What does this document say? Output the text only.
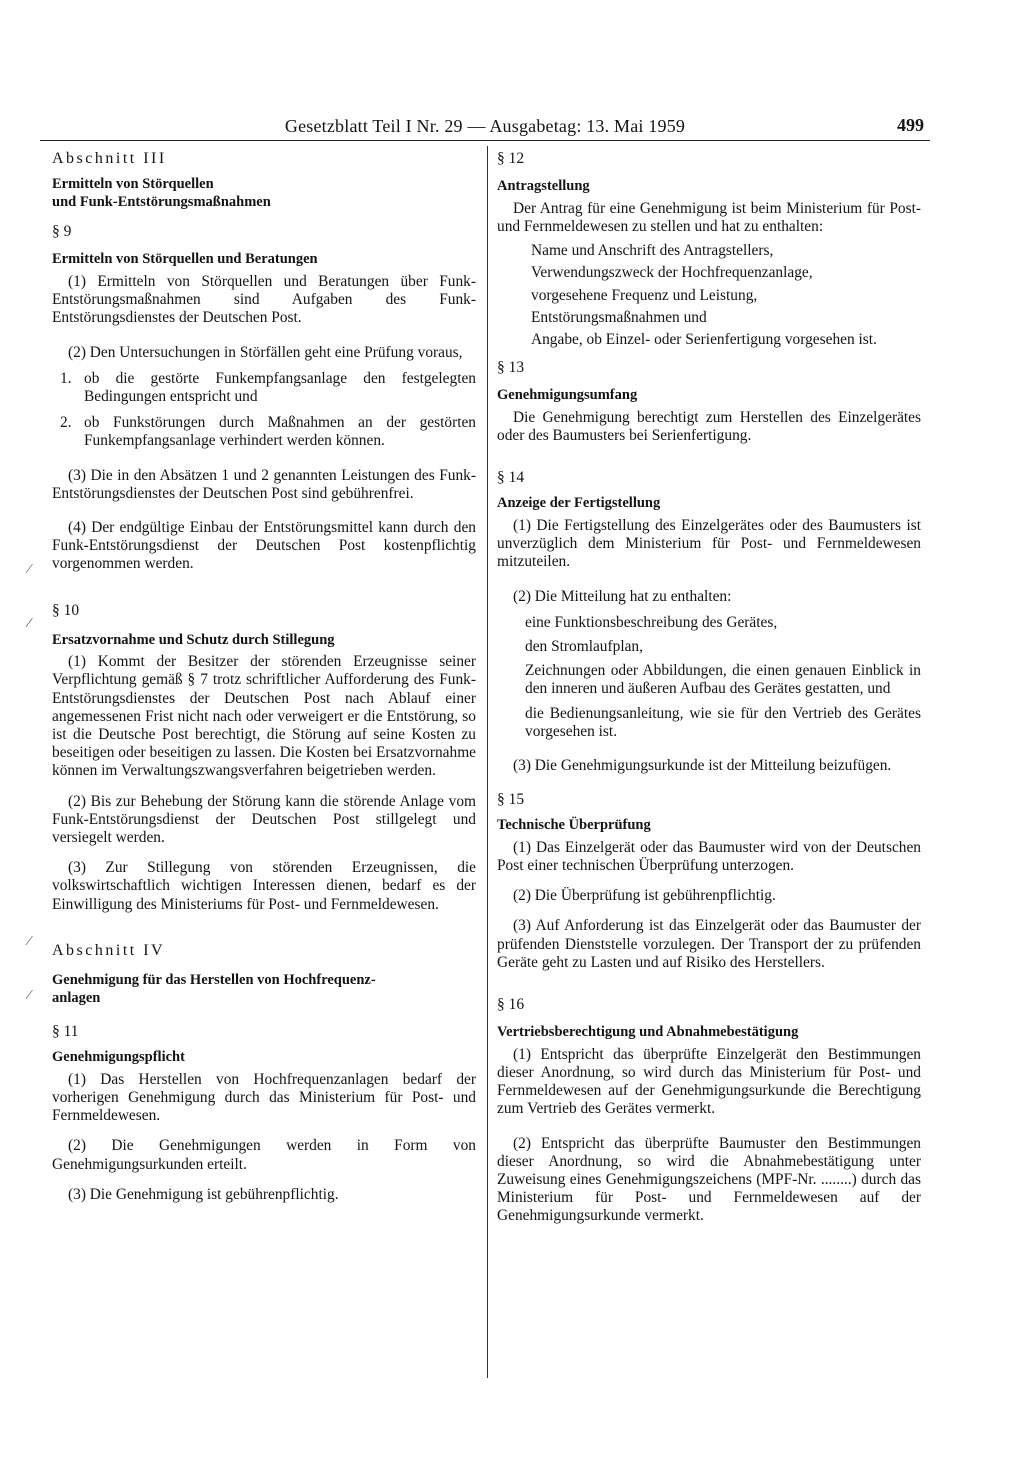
Gesetzblatt Teil I Nr. 29 — Ausgabetag: 13. Mai 1959	499
⁄
⁄
⁄
⁄

Abschnitt III

Ermitteln von Störquellen

und Funk-Entstörungsmaßnahmen

§ 9

Ermitteln von Störquellen und Beratungen

(1) Ermitteln von Störquellen und Beratungen über Funk-Entstörungsmaßnahmen sind Aufgaben des Funk-Entstörungsdienstes der Deutschen Post.

(2) Den Untersuchungen in Störfällen geht eine Prüfung voraus,

1. ob die gestörte Funkempfangsanlage den festgelegten Bedingungen entspricht und
2. ob Funkstörungen durch Maßnahmen an der gestörten Funkempfangsanlage verhindert werden können.

(3) Die in den Absätzen 1 und 2 genannten Leistungen des Funk-Entstörungsdienstes der Deutschen Post sind gebührenfrei.

(4) Der endgültige Einbau der Entstörungsmittel kann durch den Funk-Entstörungsdienst der Deutschen Post kostenpflichtig vorgenommen werden.

§ 10

Ersatzvornahme und Schutz durch Stillegung

(1) Kommt der Besitzer der störenden Erzeugnisse seiner Verpflichtung gemäß § 7 trotz schriftlicher Aufforderung des Funk-Entstörungsdienstes der Deutschen Post nach Ablauf einer angemessenen Frist nicht nach oder verweigert er die Entstörung, so ist die Deutsche Post berechtigt, die Störung auf seine Kosten zu beseitigen oder beseitigen zu lassen. Die Kosten bei Ersatzvornahme können im Verwaltungszwangsverfahren beigetrieben werden.

(2) Bis zur Behebung der Störung kann die störende Anlage vom Funk-Entstörungsdienst der Deutschen Post stillgelegt und versiegelt werden.

(3) Zur Stillegung von störenden Erzeugnissen, die volkswirtschaftlich wichtigen Interessen dienen, bedarf es der Einwilligung des Ministeriums für Post- und Fernmeldewesen.

Abschnitt IV

Genehmigung für das Herstellen von Hochfrequenz-

anlagen

§ 11

Genehmigungspflicht

(1) Das Herstellen von Hochfrequenzanlagen bedarf der vorherigen Genehmigung durch das Ministerium für Post- und Fernmeldewesen.

(2) Die Genehmigungen werden in Form von Genehmigungsurkunden erteilt.

(3) Die Genehmigung ist gebührenpflichtig.

§ 12

Antragstellung

Der Antrag für eine Genehmigung ist beim Ministerium für Post- und Fernmeldewesen zu stellen und hat zu enthalten:

Name und Anschrift des Antragstellers,

Verwendungszweck der Hochfrequenzanlage,

vorgesehene Frequenz und Leistung,

Entstörungsmaßnahmen und

Angabe, ob Einzel- oder Serienfertigung vorgesehen ist.

§ 13

Genehmigungsumfang

Die Genehmigung berechtigt zum Herstellen des Einzelgerätes oder des Baumusters bei Serienfertigung.

§ 14

Anzeige der Fertigstellung

(1) Die Fertigstellung des Einzelgerätes oder des Baumusters ist unverzüglich dem Ministerium für Post- und Fernmeldewesen mitzuteilen.

(2) Die Mitteilung hat zu enthalten:

eine Funktionsbeschreibung des Gerätes,

den Stromlaufplan,

Zeichnungen oder Abbildungen, die einen genauen Einblick in den inneren und äußeren Aufbau des Gerätes gestatten, und

die Bedienungsanleitung, wie sie für den Vertrieb des Gerätes vorgesehen ist.

(3) Die Genehmigungsurkunde ist der Mitteilung beizufügen.

§ 15

Technische Überprüfung

(1) Das Einzelgerät oder das Baumuster wird von der Deutschen Post einer technischen Überprüfung unterzogen.

(2) Die Überprüfung ist gebührenpflichtig.

(3) Auf Anforderung ist das Einzelgerät oder das Baumuster der prüfenden Dienststelle vorzulegen. Der Transport der zu prüfenden Geräte geht zu Lasten und auf Risiko des Herstellers.

§ 16

Vertriebsberechtigung und Abnahmebestätigung

(1) Entspricht das überprüfte Einzelgerät den Bestimmungen dieser Anordnung, so wird durch das Ministerium für Post- und Fernmeldewesen auf der Genehmigungsurkunde die Berechtigung zum Vertrieb des Gerätes vermerkt.

(2) Entspricht das überprüfte Baumuster den Bestimmungen dieser Anordnung, so wird die Abnahmebestätigung unter Zuweisung eines Genehmigungszeichens (MPF-Nr. ........) durch das Ministerium für Post- und Fernmeldewesen auf der Genehmigungsurkunde vermerkt.
